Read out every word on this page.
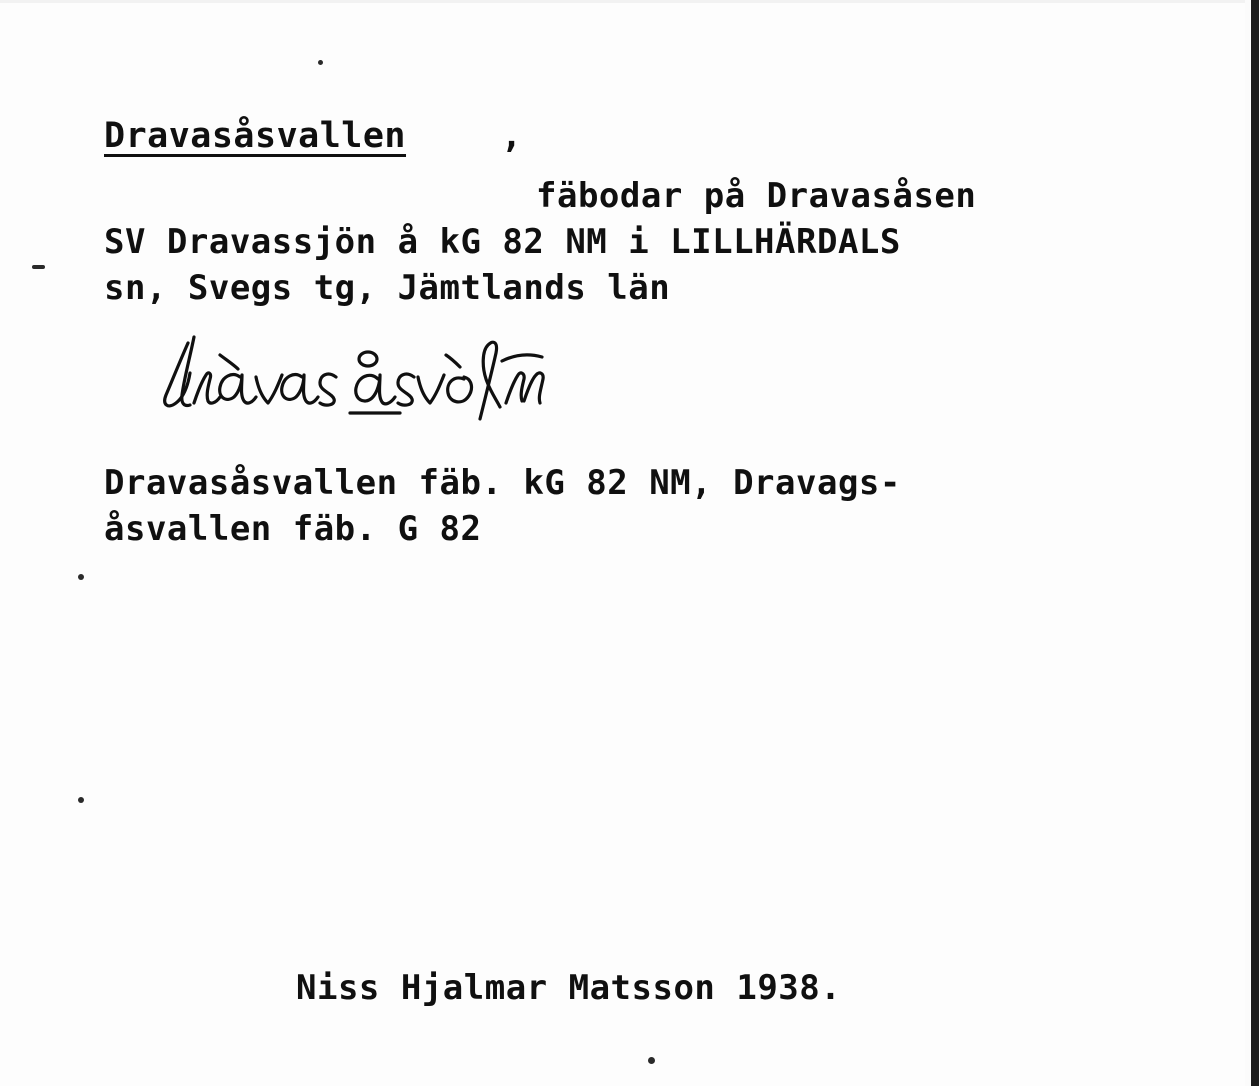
Dravasåsvallen	,
fäbodar på Dravasåsen
SV Dravassjön å kG 82 NM i LILLHÄRDALS
sn, Svegs tg, Jämtlands län
Dravasåsvallen fäb. kG 82 NM, Dravags-
åsvallen fäb. G 82
Niss Hjalmar Matsson 1938.
